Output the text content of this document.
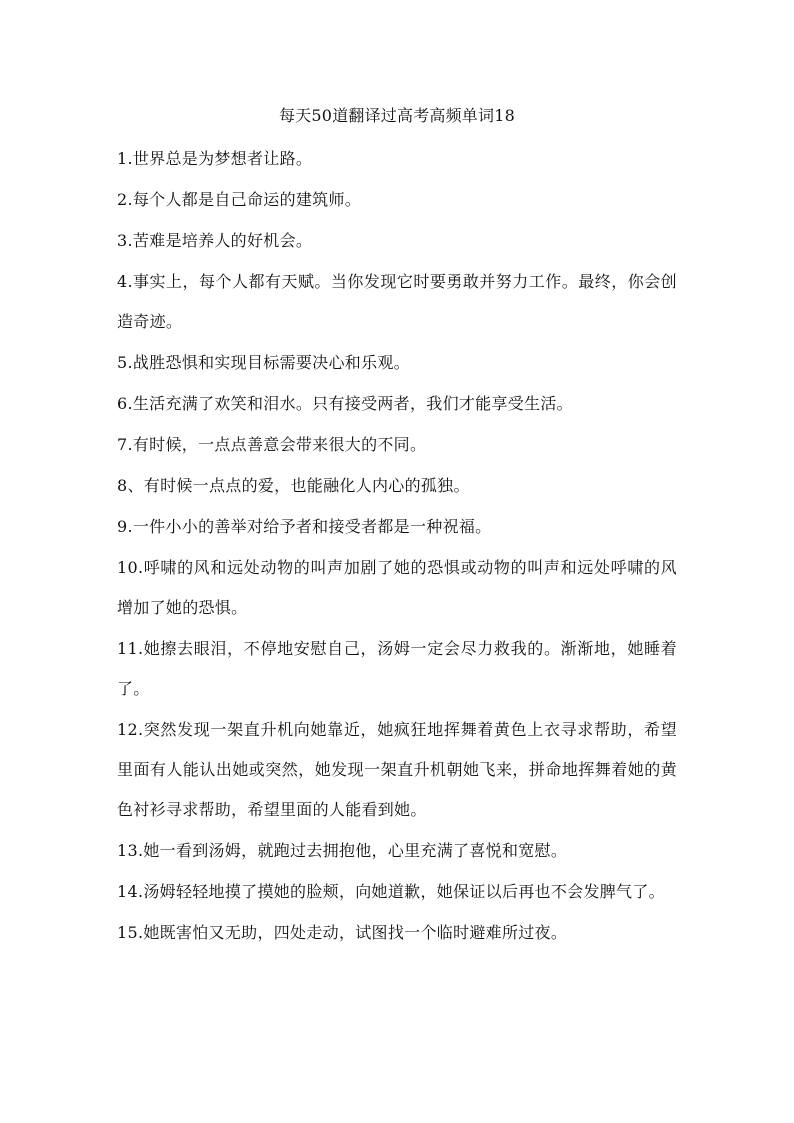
每天50道翻译过高考高频单词18

1.世界总是为梦想者让路。

2.每个人都是自己命运的建筑师。

3.苦难是培养人的好机会。

4.事实上，每个人都有天赋。当你发现它时要勇敢并努力工作。最终，你会创造奇迹。

5.战胜恐惧和实现目标需要决心和乐观。

6.生活充满了欢笑和泪水。只有接受两者，我们才能享受生活。

7.有时候，一点点善意会带来很大的不同。

8、有时候一点点的爱，也能融化人内心的孤独。

9.一件小小的善举对给予者和接受者都是一种祝福。

10.呼啸的风和远处动物的叫声加剧了她的恐惧或动物的叫声和远处呼啸的风增加了她的恐惧。

11.她擦去眼泪，不停地安慰自己，汤姆一定会尽力救我的。渐渐地，她睡着了。

12.突然发现一架直升机向她靠近，她疯狂地挥舞着黄色上衣寻求帮助，希望里面有人能认出她或突然，她发现一架直升机朝她飞来，拼命地挥舞着她的黄色衬衫寻求帮助，希望里面的人能看到她。

13.她一看到汤姆，就跑过去拥抱他，心里充满了喜悦和宽慰。

14.汤姆轻轻地摸了摸她的脸颊，向她道歉，她保证以后再也不会发脾气了。

15.她既害怕又无助，四处走动，试图找一个临时避难所过夜。
